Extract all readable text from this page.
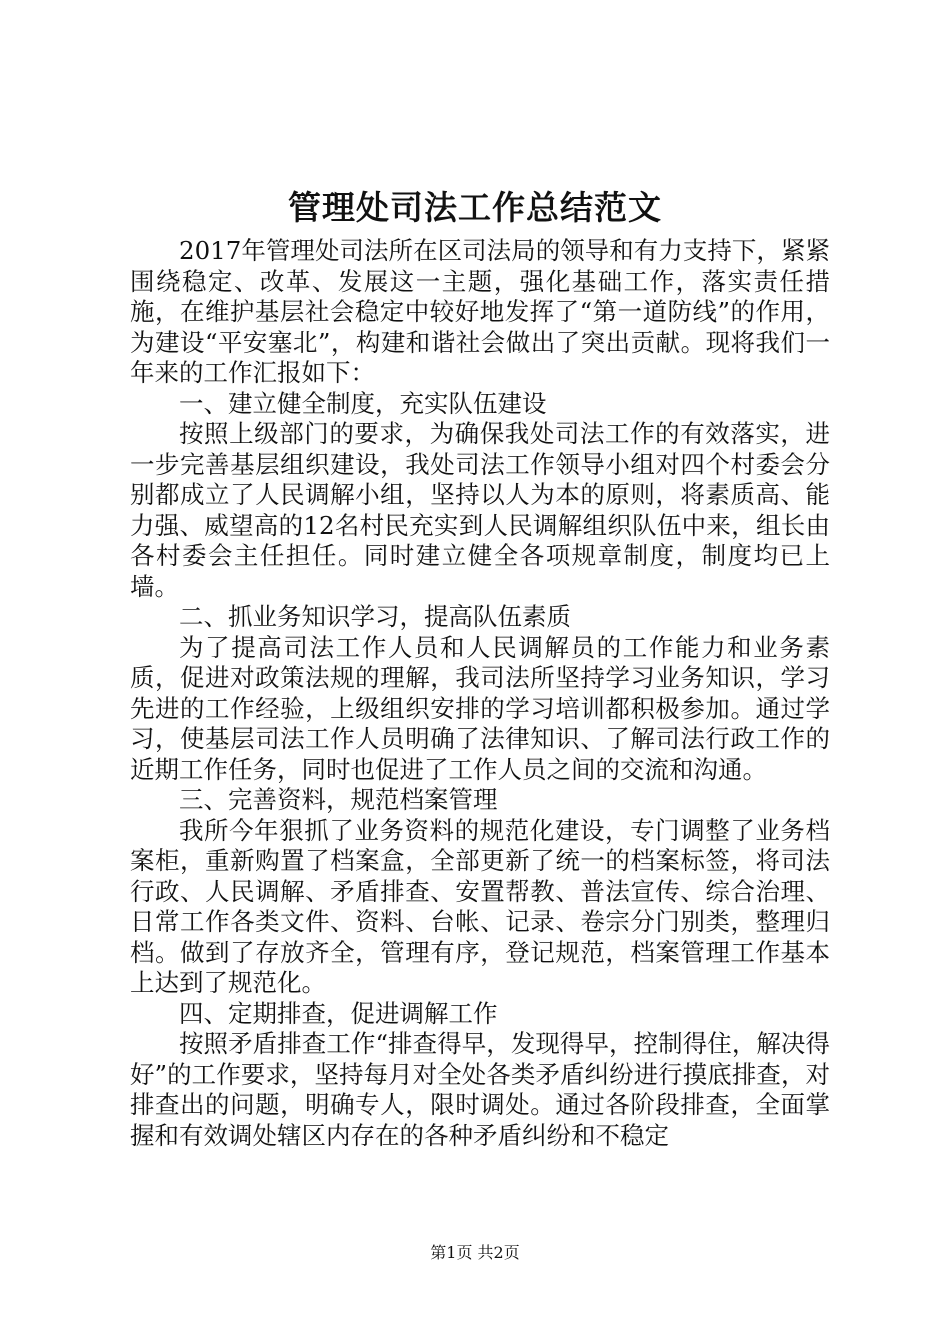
管理处司法工作总结范文

2017年管理处司法所在区司法局的领导和有力支持下，紧紧围绕稳定、改革、发展这一主题，强化基础工作，落实责任措施，在维护基层社会稳定中较好地发挥了“第一道防线”的作用，为建设“平安塞北”，构建和谐社会做出了突出贡献。现将我们一年来的工作汇报如下：

一、建立健全制度，充实队伍建设

按照上级部门的要求，为确保我处司法工作的有效落实，进一步完善基层组织建设，我处司法工作领导小组对四个村委会分别都成立了人民调解小组，坚持以人为本的原则，将素质高、能力强、威望高的12名村民充实到人民调解组织队伍中来，组长由各村委会主任担任。同时建立健全各项规章制度，制度均已上墙。

二、抓业务知识学习，提高队伍素质

为了提高司法工作人员和人民调解员的工作能力和业务素质，促进对政策法规的理解，我司法所坚持学习业务知识，学习先进的工作经验，上级组织安排的学习培训都积极参加。通过学习，使基层司法工作人员明确了法律知识、了解司法行政工作的近期工作任务，同时也促进了工作人员之间的交流和沟通。

三、完善资料，规范档案管理

我所今年狠抓了业务资料的规范化建设，专门调整了业务档案柜，重新购置了档案盒，全部更新了统一的档案标签，将司法行政、人民调解、矛盾排查、安置帮教、普法宣传、综合治理、日常工作各类文件、资料、台帐、记录、卷宗分门别类，整理归档。做到了存放齐全，管理有序，登记规范，档案管理工作基本上达到了规范化。

四、定期排查，促进调解工作

按照矛盾排查工作“排查得早，发现得早，控制得住，解决得好”的工作要求，坚持每月对全处各类矛盾纠纷进行摸底排查，对排查出的问题，明确专人，限时调处。通过各阶段排查，全面掌握和有效调处辖区内存在的各种矛盾纠纷和不稳定

第1页 共2页
